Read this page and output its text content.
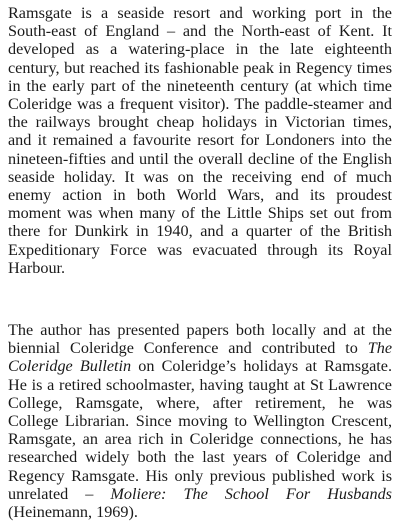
Ramsgate is a seaside resort and working port in the South-east of England – and the North-east of Kent. It developed as a watering-place in the late eighteenth century, but reached its fashionable peak in Regency times in the early part of the nineteenth century (at which time Coleridge was a frequent visitor). The paddle-steamer and the railways brought cheap holidays in Victorian times, and it remained a favourite resort for Londoners into the nineteen-fifties and until the overall decline of the English seaside holiday. It was on the receiving end of much enemy action in both World Wars, and its proudest moment was when many of the Little Ships set out from there for Dunkirk in 1940, and a quarter of the British Expeditionary Force was evacuated through its Royal Harbour.

The author has presented papers both locally and at the biennial Coleridge Conference and contributed to The Coleridge Bulletin on Coleridge’s holidays at Ramsgate. He is a retired schoolmaster, having taught at St Lawrence College, Ramsgate, where, after retirement, he was College Librarian. Since moving to Wellington Crescent, Ramsgate, an area rich in Coleridge connections, he has researched widely both the last years of Coleridge and Regency Ramsgate. His only previous published work is unrelated – Moliere: The School For Husbands (Heinemann, 1969).
